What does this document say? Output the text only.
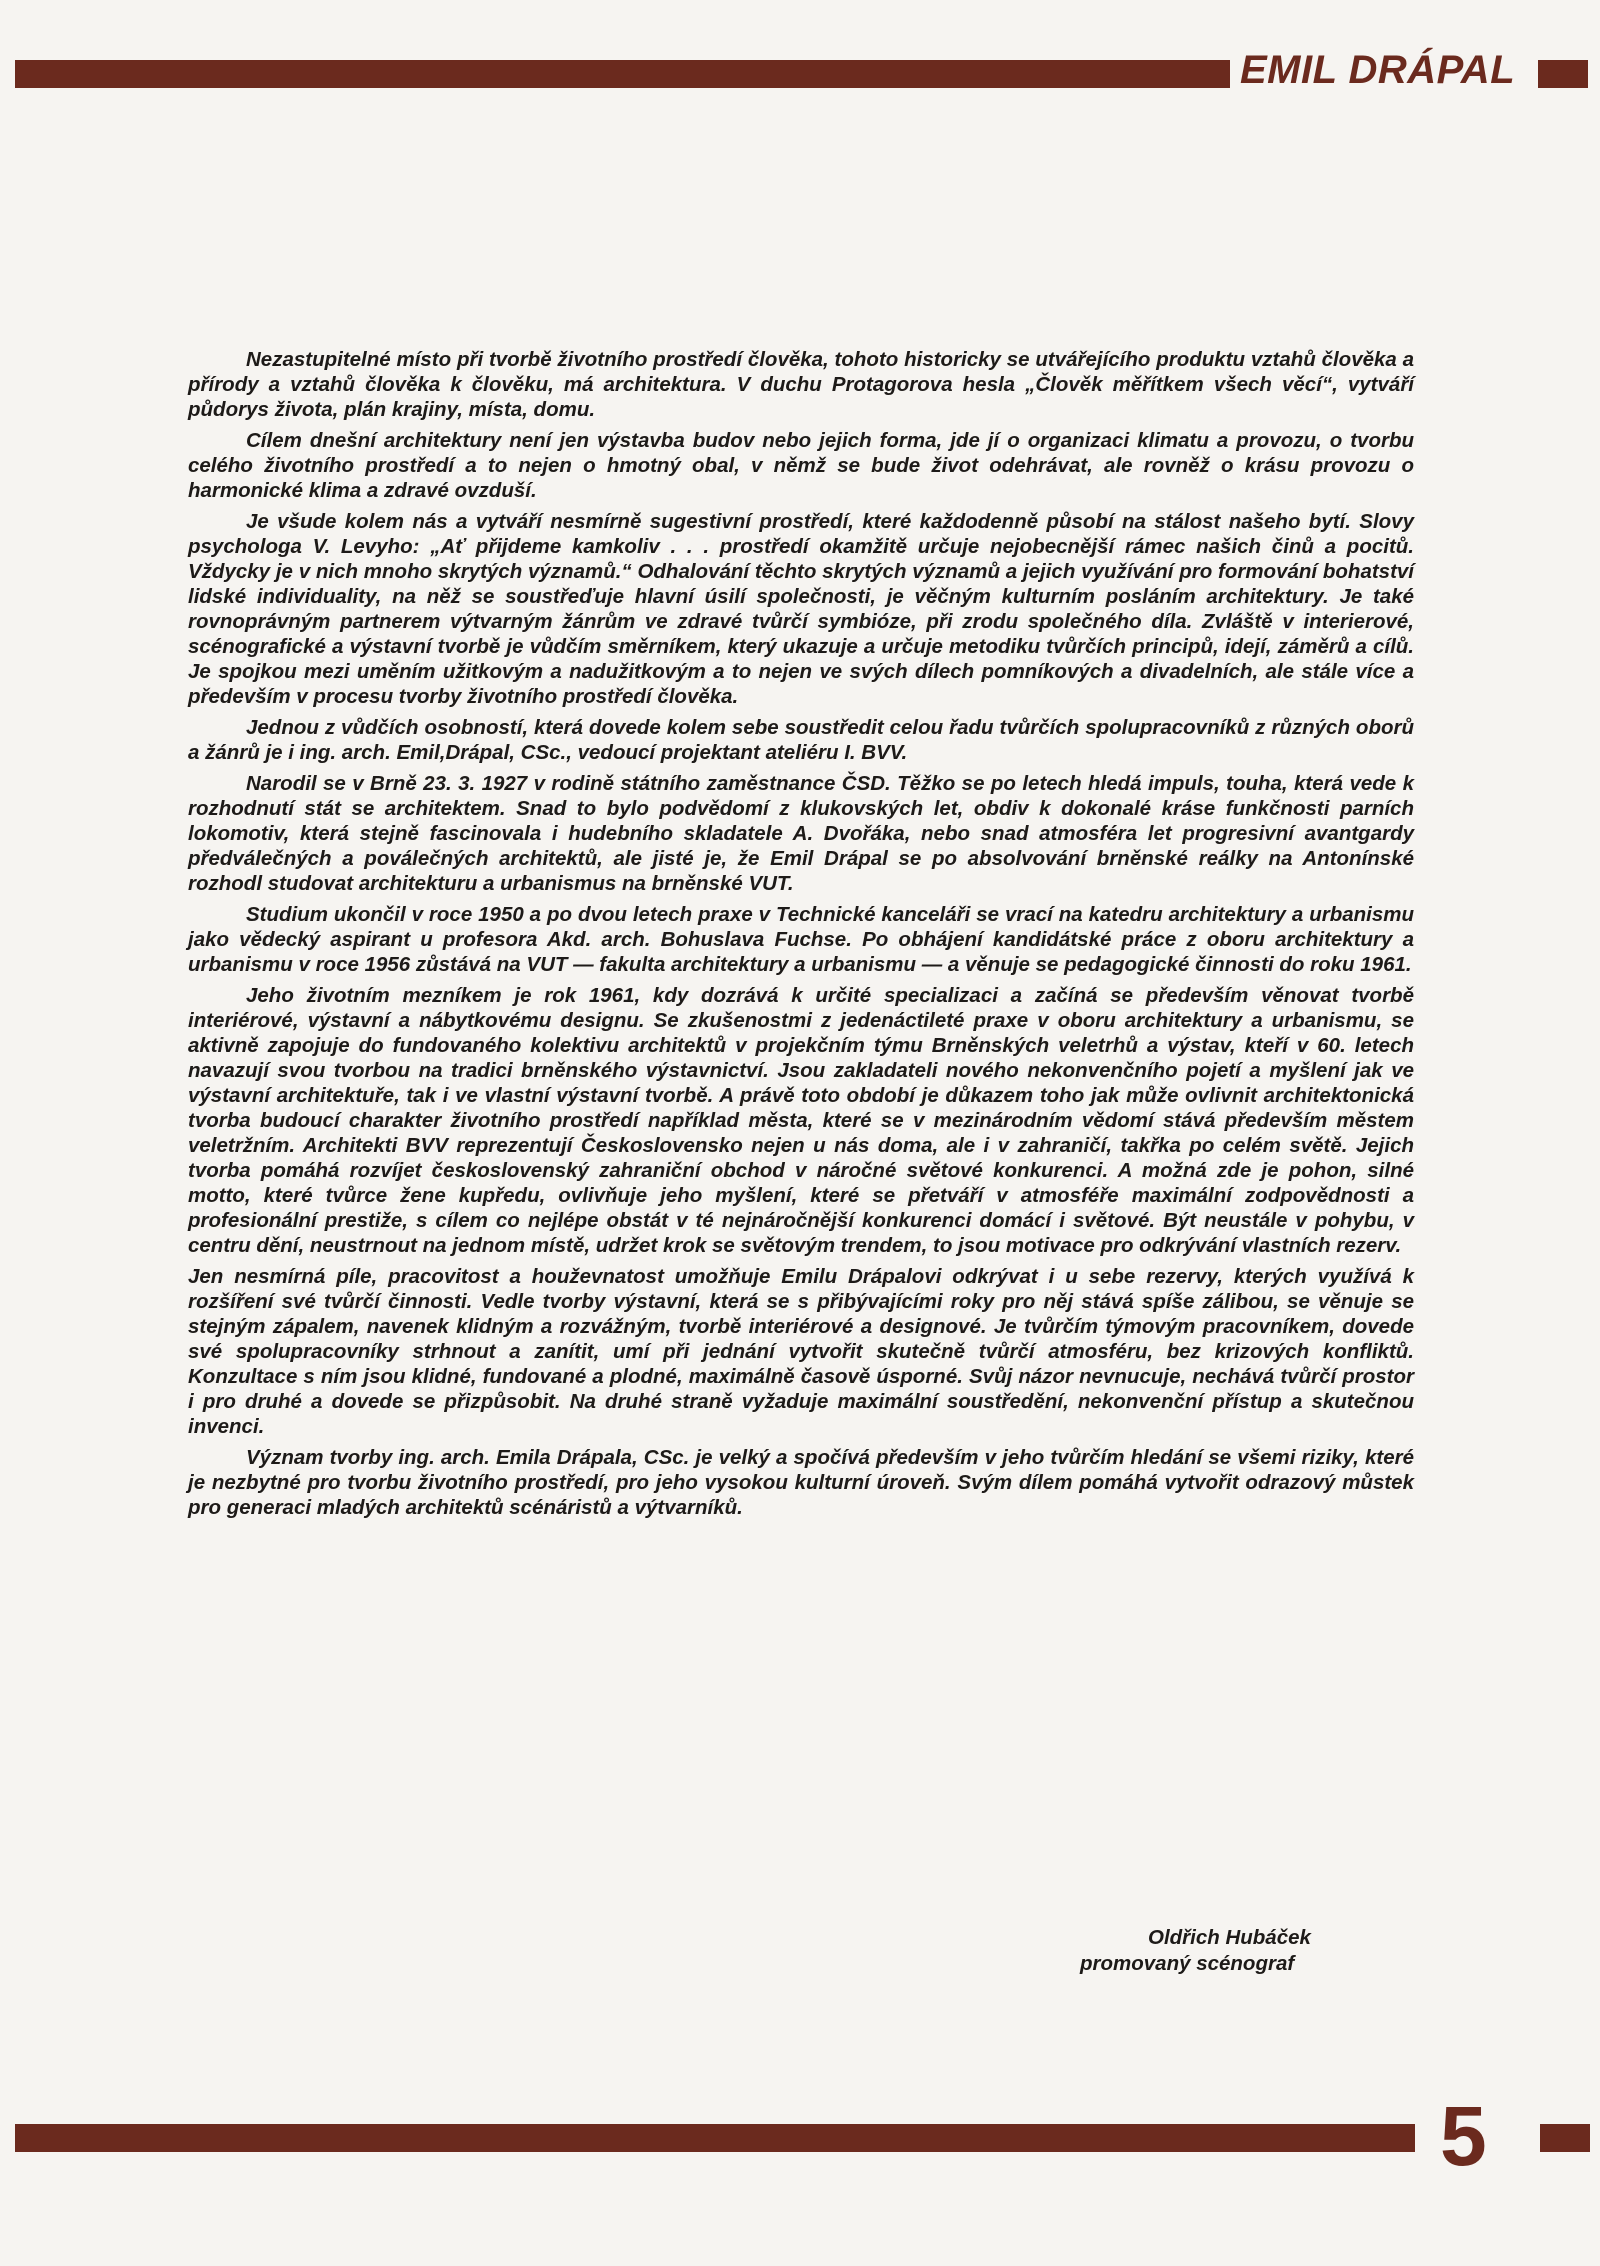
EMIL DRÁPAL

Nezastupitelné místo při tvorbě životního prostředí člověka, tohoto historicky se utvářejícího produktu vztahů člověka a přírody a vztahů člověka k člověku, má architektura. V duchu Protagorova hesla „Člověk měřítkem všech věcí“, vytváří půdorys života, plán krajiny, místa, domu.

Cílem dnešní architektury není jen výstavba budov nebo jejich forma, jde jí o organizaci klimatu a provozu, o tvorbu celého životního prostředí a to nejen o hmotný obal, v němž se bude život odehrávat, ale rovněž o krásu provozu o harmonické klima a zdravé ovzduší.

Je všude kolem nás a vytváří nesmírně sugestivní prostředí, které každodenně působí na stálost našeho bytí. Slovy psychologa V. Levyho: „Ať přijdeme kamkoliv . . . prostředí okamžitě určuje nejobecnější rámec našich činů a pocitů. Vždycky je v nich mnoho skrytých významů.“ Odhalování těchto skrytých významů a jejich využívání pro formování bohatství lidské individuality, na něž se soustřeďuje hlavní úsilí společnosti, je věčným kulturním posláním architektury. Je také rovnoprávným partnerem výtvarným žánrům ve zdravé tvůrčí symbióze, při zrodu společného díla. Zvláště v interierové, scénografické a výstavní tvorbě je vůdčím směrníkem, který ukazuje a určuje metodiku tvůrčích principů, idejí, záměrů a cílů. Je spojkou mezi uměním užitkovým a nadužitkovým a to nejen ve svých dílech pomníkových a divadelních, ale stále více a především v procesu tvorby životního prostředí člověka.

Jednou z vůdčích osobností, která dovede kolem sebe soustředit celou řadu tvůrčích spolupracovníků z různých oborů a žánrů je i ing. arch. Emil,Drápal, CSc., vedoucí projektant ateliéru I. BVV.

Narodil se v Brně 23. 3. 1927 v rodině státního zaměstnance ČSD. Těžko se po letech hledá impuls, touha, která vede k rozhodnutí stát se architektem. Snad to bylo podvědomí z klukovských let, obdiv k dokonalé kráse funkčnosti parních lokomotiv, která stejně fascinovala i hudebního skladatele A. Dvořáka, nebo snad atmosféra let progresivní avantgardy předválečných a poválečných architektů, ale jisté je, že Emil Drápal se po absolvování brněnské reálky na Antonínské rozhodl studovat architekturu a urbanismus na brněnské VUT.

Studium ukončil v roce 1950 a po dvou letech praxe v Technické kanceláři se vrací na katedru architektury a urbanismu jako vědecký aspirant u profesora Akd. arch. Bohuslava Fuchse. Po obhájení kandidátské práce z oboru architektury a urbanismu v roce 1956 zůstává na VUT — fakulta architektury a urbanismu — a věnuje se pedagogické činnosti do roku 1961.

Jeho životním mezníkem je rok 1961, kdy dozrává k určité specializaci a začíná se především věnovat tvorbě interiérové, výstavní a nábytkovému designu. Se zkušenostmi z jedenáctileté praxe v oboru architektury a urbanismu, se aktivně zapojuje do fundovaného kolektivu architektů v projekčním týmu Brněnských veletrhů a výstav, kteří v 60. letech navazují svou tvorbou na tradici brněnského výstavnictví. Jsou zakladateli nového nekonvenčního pojetí a myšlení jak ve výstavní architektuře, tak i ve vlastní výstavní tvorbě. A právě toto období je důkazem toho jak může ovlivnit architektonická tvorba budoucí charakter životního prostředí například města, které se v mezinárodním vědomí stává především městem veletržním. Architekti BVV reprezentují Československo nejen u nás doma, ale i v zahraničí, takřka po celém světě. Jejich tvorba pomáhá rozvíjet československý zahraniční obchod v náročné světové konkurenci. A možná zde je pohon, silné motto, které tvůrce žene kupředu, ovlivňuje jeho myšlení, které se přetváří v atmosféře maximální zodpovědnosti a profesionální prestiže, s cílem co nejlépe obstát v té nejnáročnější konkurenci domácí i světové. Být neustále v pohybu, v centru dění, neustrnout na jednom místě, udržet krok se světovým trendem, to jsou motivace pro odkrývání vlastních rezerv.

Jen nesmírná píle, pracovitost a houževnatost umožňuje Emilu Drápalovi odkrývat i u sebe rezervy, kterých využívá k rozšíření své tvůrčí činnosti. Vedle tvorby výstavní, která se s přibývajícími roky pro něj stává spíše zálibou, se věnuje se stejným zápalem, navenek klidným a rozvážným, tvorbě interiérové a designové. Je tvůrčím týmovým pracovníkem, dovede své spolupracovníky strhnout a zanítit, umí při jednání vytvořit skutečně tvůrčí atmosféru, bez krizových konfliktů. Konzultace s ním jsou klidné, fundované a plodné, maximálně časově úsporné. Svůj názor nevnucuje, nechává tvůrčí prostor i pro druhé a dovede se přizpůsobit. Na druhé straně vyžaduje maximální soustředění, nekonvenční přístup a skutečnou invenci.

Význam tvorby ing. arch. Emila Drápala, CSc. je velký a spočívá především v jeho tvůrčím hledání se všemi riziky, které je nezbytné pro tvorbu životního prostředí, pro jeho vysokou kulturní úroveň. Svým dílem pomáhá vytvořit odrazový můstek pro generaci mladých architektů scénáristů a výtvarníků.

Oldřich Hubáček
promovaný scénograf
5
